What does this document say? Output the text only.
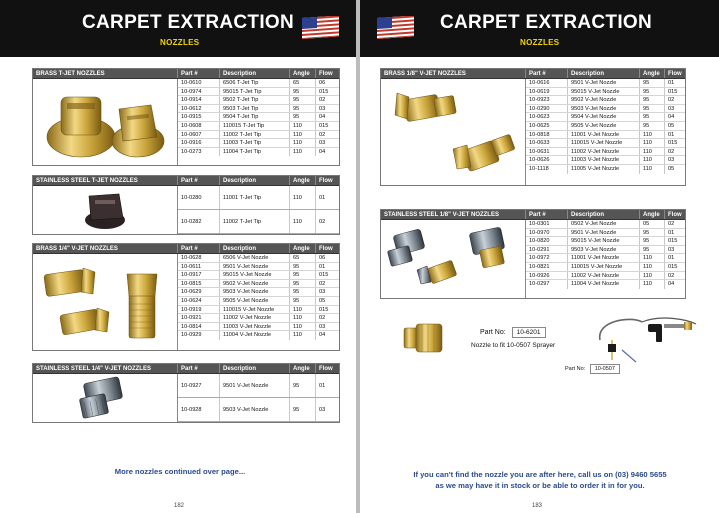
CARPET EXTRACTION
NOZZLES
BRASS T-JET NOZZLES	Part #	Description	Angle	Flow
10-0610	6506 T-Jet Tip	65	06
10-0974	95015 T-Jet Tip	95	015
10-0914	9502 T-Jet Tip	95	02
10-0612	9503 T-Jet Tip	95	03
10-0915	9504 T-Jet Tip	95	04
10-0608	110015 T-Jet Tip	110	015
10-0607	11002 T-Jet Tip	110	02
10-0916	11003 T-Jet Tip	110	03
10-0273	11004 T-Jet Tip	110	04
STAINLESS STEEL T-JET NOZZLES	Part #	Description	Angle	Flow
10-0280	11001 T-Jet Tip	110	01
10-0282	11002 T-Jet Tip	110	02
BRASS 1/4" V-JET NOZZLES	Part #	Description	Angle	Flow
10-0628	6506 V-Jet Nozzle	65	06
10-0611	9501 V-Jet Nozzle	95	01
10-0917	95015 V-Jet Nozzle	95	015
10-0815	9502 V-Jet Nozzle	95	02
10-0629	9503 V-Jet Nozzle	95	03
10-0624	9505 V-Jet Nozzle	95	05
10-0919	110015 V-Jet Nozzle	110	015
10-0921	11002 V-Jet Nozzle	110	02
10-0814	11003 V-Jet Nozzle	110	03
10-0929	11004 V-Jet Nozzle	110	04
STAINLESS STEEL 1/4" V-JET NOZZLES	Part #	Description	Angle	Flow
10-0927	9501 V-Jet Nozzle	95	01
10-0928	9503 V-Jet Nozzle	95	03
More nozzles continued over page...
182
CARPET EXTRACTION
NOZZLES
BRASS 1/8" V-JET NOZZLES	Part #	Description	Angle	Flow
10-0616	9501 V-Jet Nozzle	95	01
10-0619	95015 V-Jet Nozzle	95	015
10-0923	9502 V-Jet Nozzle	95	02
10-0290	9503 V-Jet Nozzle	95	03
10-0623	9504 V-Jet Nozzle	95	04
10-0625	9505 V-Jet Nozzle	95	05
10-0818	11001 V-Jet Nozzle	110	01
10-0633	110015 V-Jet Nozzle	110	015
10-0631	11002 V-Jet Nozzle	110	02
10-0626	11003 V-Jet Nozzle	110	03
10-1118	11005 V-Jet Nozzle	110	05
STAINLESS STEEL 1/8" V-JET NOZZLES	Part #	Description	Angle	Flow
10-0301	0502 V-Jet Nozzle	05	02
10-0970	9501 V-Jet Nozzle	95	01
10-0820	95015 V-Jet Nozzle	95	015
10-0291	9503 V-Jet Nozzle	95	03
10-0972	11001 V-Jet Nozzle	110	01
10-0821	110015 V-Jet Nozzle	110	015
10-0926	11002 V-Jet Nozzle	110	02
10-0297	11004 V-Jet Nozzle	110	04
Part No: 10-6201
Nozzle to fit 10-0507 Sprayer
Part No: 10-0507
If you can't find the nozzle you are after here, call us on (03) 9460 5655
as we may have it in stock or be able to order it in for you.
183
